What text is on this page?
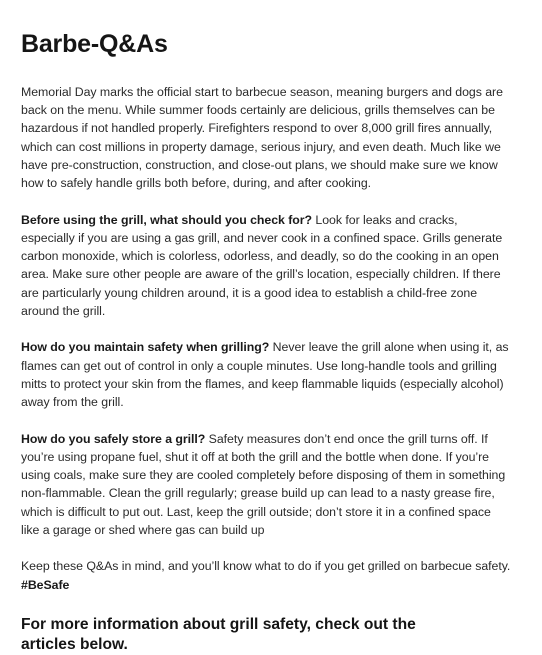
Barbe-Q&As

Memorial Day marks the official start to barbecue season, meaning burgers and dogs are back on the menu. While summer foods certainly are delicious, grills themselves can be hazardous if not handled properly. Firefighters respond to over 8,000 grill fires annually, which can cost millions in property damage, serious injury, and even death. Much like we have pre-construction, construction, and close-out plans, we should make sure we know how to safely handle grills both before, during, and after cooking.

Before using the grill, what should you check for? Look for leaks and cracks, especially if you are using a gas grill, and never cook in a confined space. Grills generate carbon monoxide, which is colorless, odorless, and deadly, so do the cooking in an open area. Make sure other people are aware of the grill’s location, especially children. If there are particularly young children around, it is a good idea to establish a child-free zone around the grill.

How do you maintain safety when grilling? Never leave the grill alone when using it, as flames can get out of control in only a couple minutes. Use long-handle tools and grilling mitts to protect your skin from the flames, and keep flammable liquids (especially alcohol) away from the grill.

How do you safely store a grill? Safety measures don’t end once the grill turns off. If you’re using propane fuel, shut it off at both the grill and the bottle when done. If you’re using coals, make sure they are cooled completely before disposing of them in something non-flammable. Clean the grill regularly; grease build up can lead to a nasty grease fire, which is difficult to put out. Last, keep the grill outside; don’t store it in a confined space like a garage or shed where gas can build up

Keep these Q&As in mind, and you’ll know what to do if you get grilled on barbecue safety. #BeSafe

For more information about grill safety, check out the articles below.
